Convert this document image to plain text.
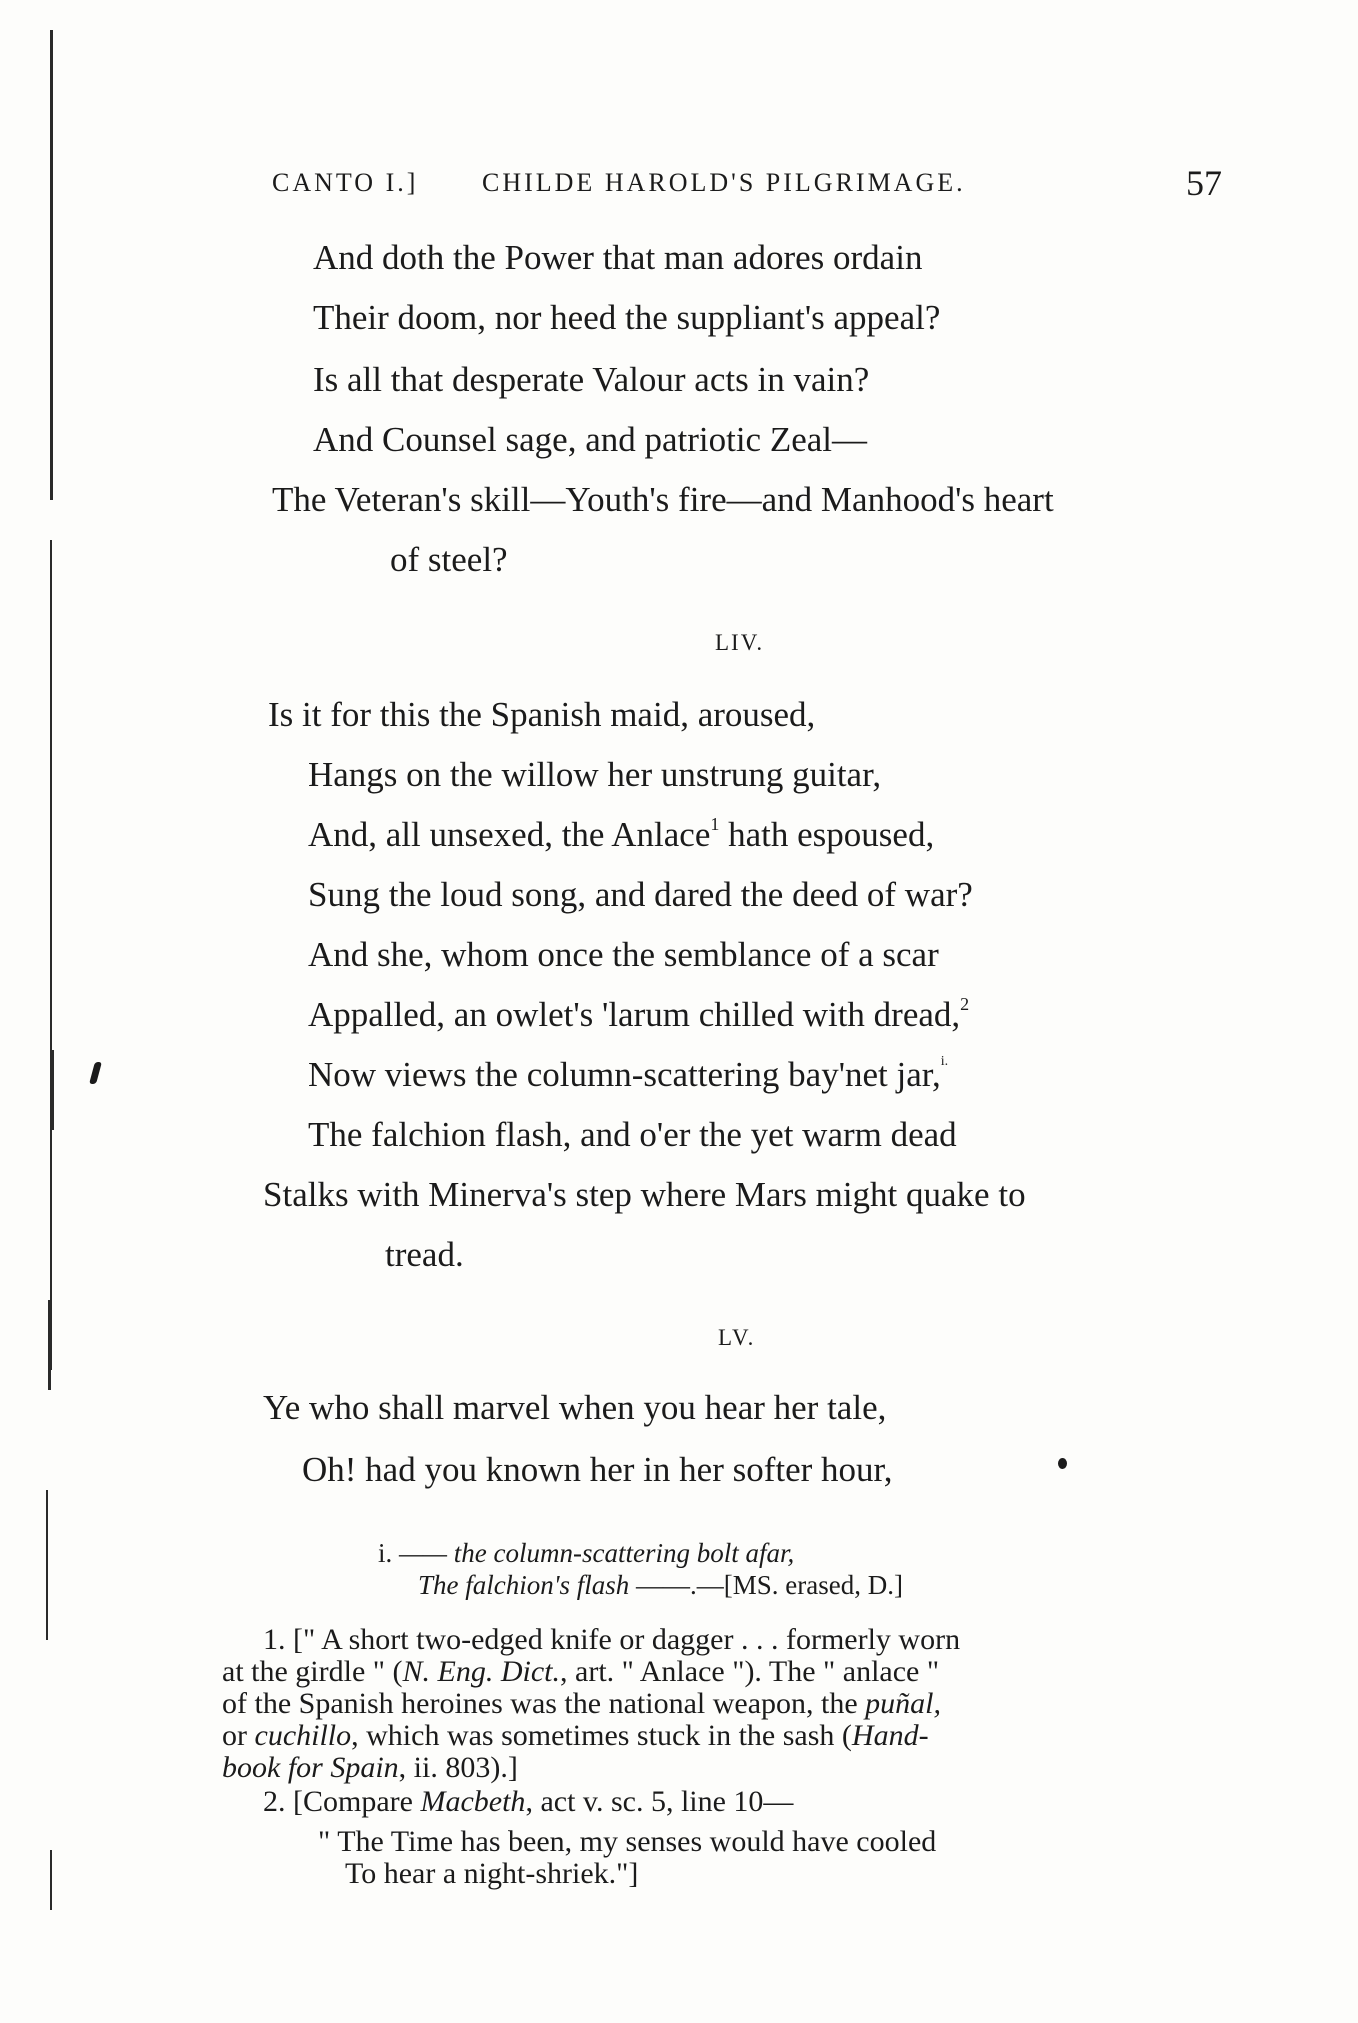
CANTO I.] CHILDE HAROLD'S PILGRIMAGE.	57
And doth the Power that man adores ordain
Their doom, nor heed the suppliant's appeal?
Is all that desperate Valour acts in vain?
And Counsel sage, and patriotic Zeal—
The Veteran's skill—Youth's fire—and Manhood's heart
of steel?
LIV.
Is it for this the Spanish maid, aroused,
Hangs on the willow her unstrung guitar,
And, all unsexed, the Anlace$^1$ hath espoused,
Sung the loud song, and dared the deed of war?
And she, whom once the semblance of a scar
Appalled, an owlet's 'larum chilled with dread,$^2$
Now views the column-scattering bay'net jar,$^{i.}$
The falchion flash, and o'er the yet warm dead
Stalks with Minerva's step where Mars might quake to
tread.
LV.
Ye who shall marvel when you hear her tale,
Oh! had you known her in her softer hour,
i. —— the column-scattering bolt afar,
The falchion's flash ——.—[MS. erased, D.]
1. [" A short two-edged knife or dagger . . . formerly worn
at the girdle " (N. Eng. Dict., art. " Anlace "). The " anlace "
of the Spanish heroines was the national weapon, the puñal,
or cuchillo, which was sometimes stuck in the sash (Hand-
book for Spain, ii. 803).]
2. [Compare Macbeth, act v. sc. 5, line 10—
" The Time has been, my senses would have cooled
To hear a night-shriek."]
